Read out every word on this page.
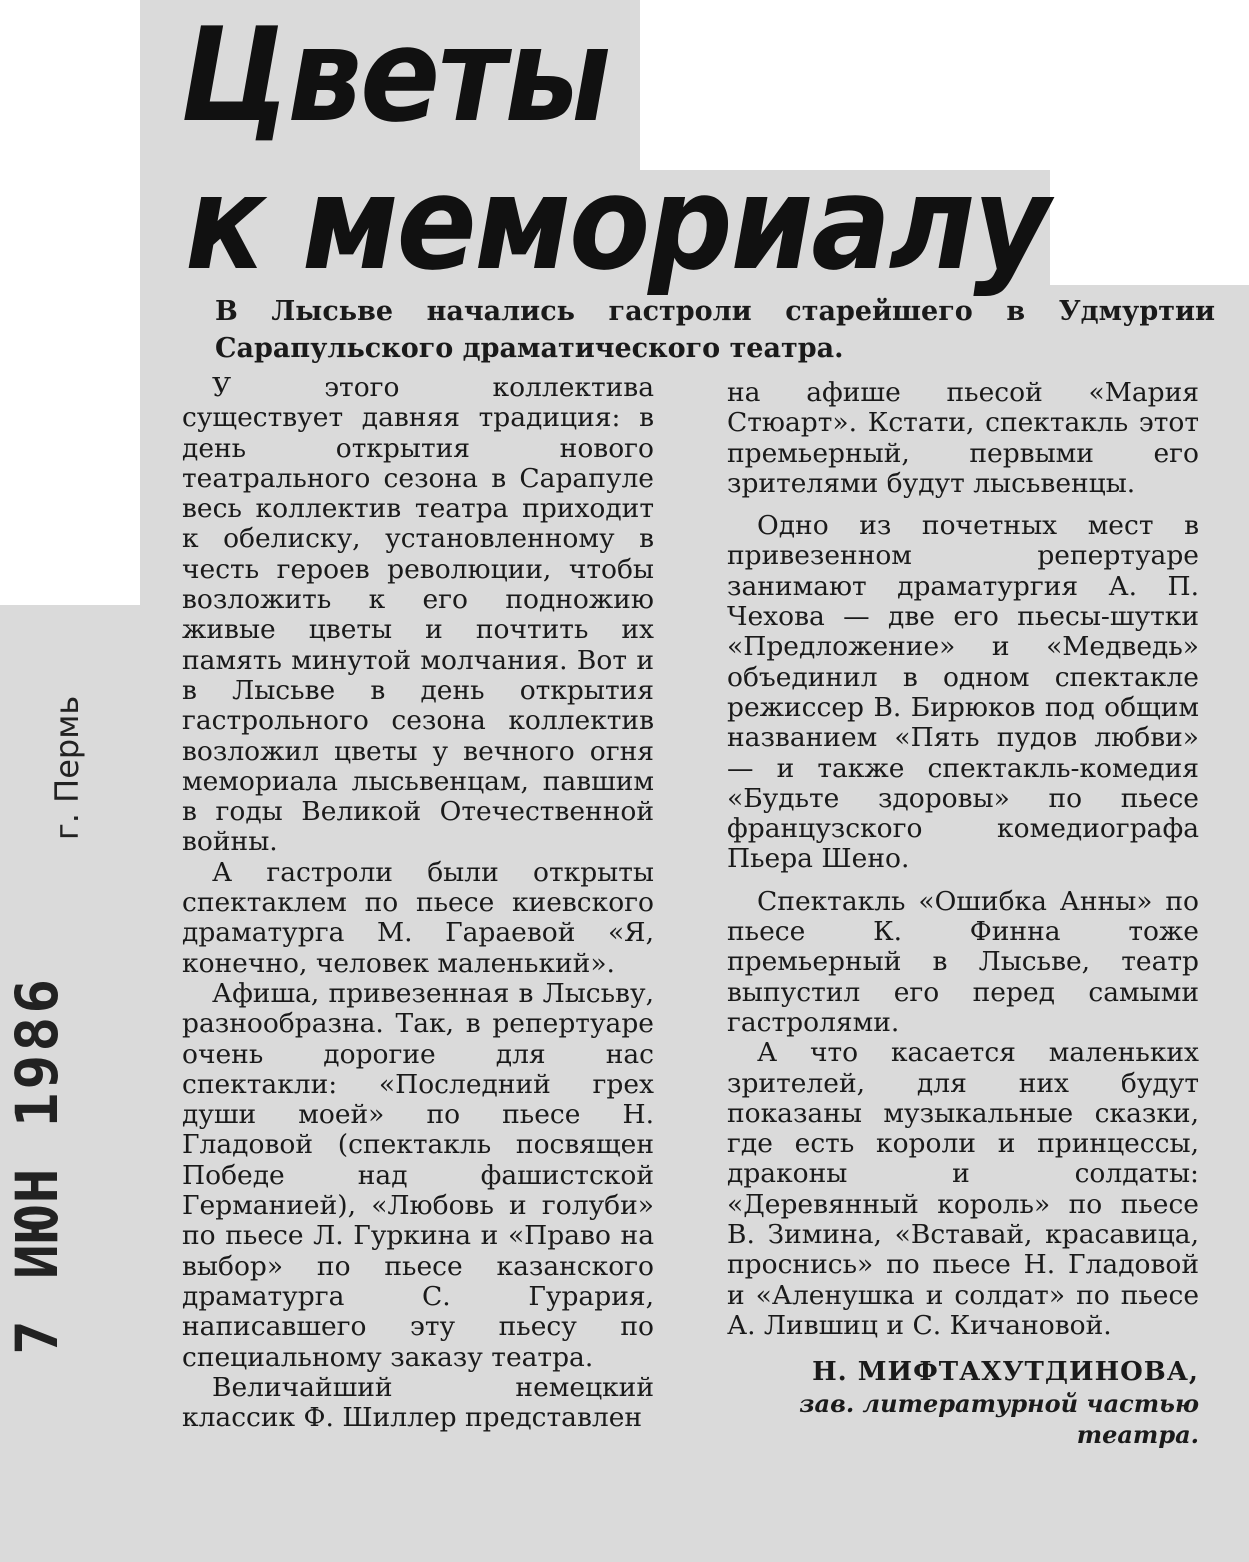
Цветы
к мемориалу

В Лысьве начались гастроли старейшего в Удмуртии Сарапульского драматического театра.

У этого коллектива существует давняя традиция: в день открытия нового театрального сезона в Сарапуле весь коллектив театра приходит к обелиску, установленному в честь героев революции, чтобы возложить к его подножию живые цветы и почтить их память минутой молчания. Вот и в Лысьве в день открытия гастрольного сезона коллектив возложил цветы у вечного огня мемориала лысьвенцам, павшим в годы Великой Отечественной войны.

А гастроли были открыты спектаклем по пьесе киевского драматурга М. Гараевой «Я, конечно, человек маленький».

Афиша, привезенная в Лысьву, разнообразна. Так, в репертуаре очень дорогие для нас спектакли: «Последний грех души моей» по пьесе Н. Гладовой (спектакль посвящен Победе над фашистской Германией), «Любовь и голуби» по пьесе Л. Гуркина и «Право на выбор» по пьесе казанского драматурга С. Гурария, написавшего эту пьесу по специальному заказу театра.

Величайший немецкий классик Ф. Шиллер представлен

на афише пьесой «Мария Стюарт». Кстати, спектакль этот премьерный, первыми его зрителями будут лысьвенцы.

Одно из почетных мест в привезенном репертуаре занимают драматургия А. П. Чехова — две его пьесы-шутки «Предложение» и «Медведь» объединил в одном спектакле режиссер В. Бирюков под общим названием «Пять пудов любви» — и также спектакль-комедия «Будьте здоровы» по пьесе французского комедиографа Пьера Шено.

Спектакль «Ошибка Анны» по пьесе К. Финна тоже премьерный в Лысьве, театр выпустил его перед самыми гастролями.

А что касается маленьких зрителей, для них будут показаны музыкальные сказки, где есть короли и принцессы, драконы и солдаты: «Деревянный король» по пьесе В. Зимина, «Вставай, красавица, проснись» по пьесе Н. Гладовой и «Аленушка и солдат» по пьесе А. Лившиц и С. Кичановой.

Н. МИФТАХУТДИНОВА,
зав. литературной частью
театра.
7 ИЮН 1986
г. Пермь
